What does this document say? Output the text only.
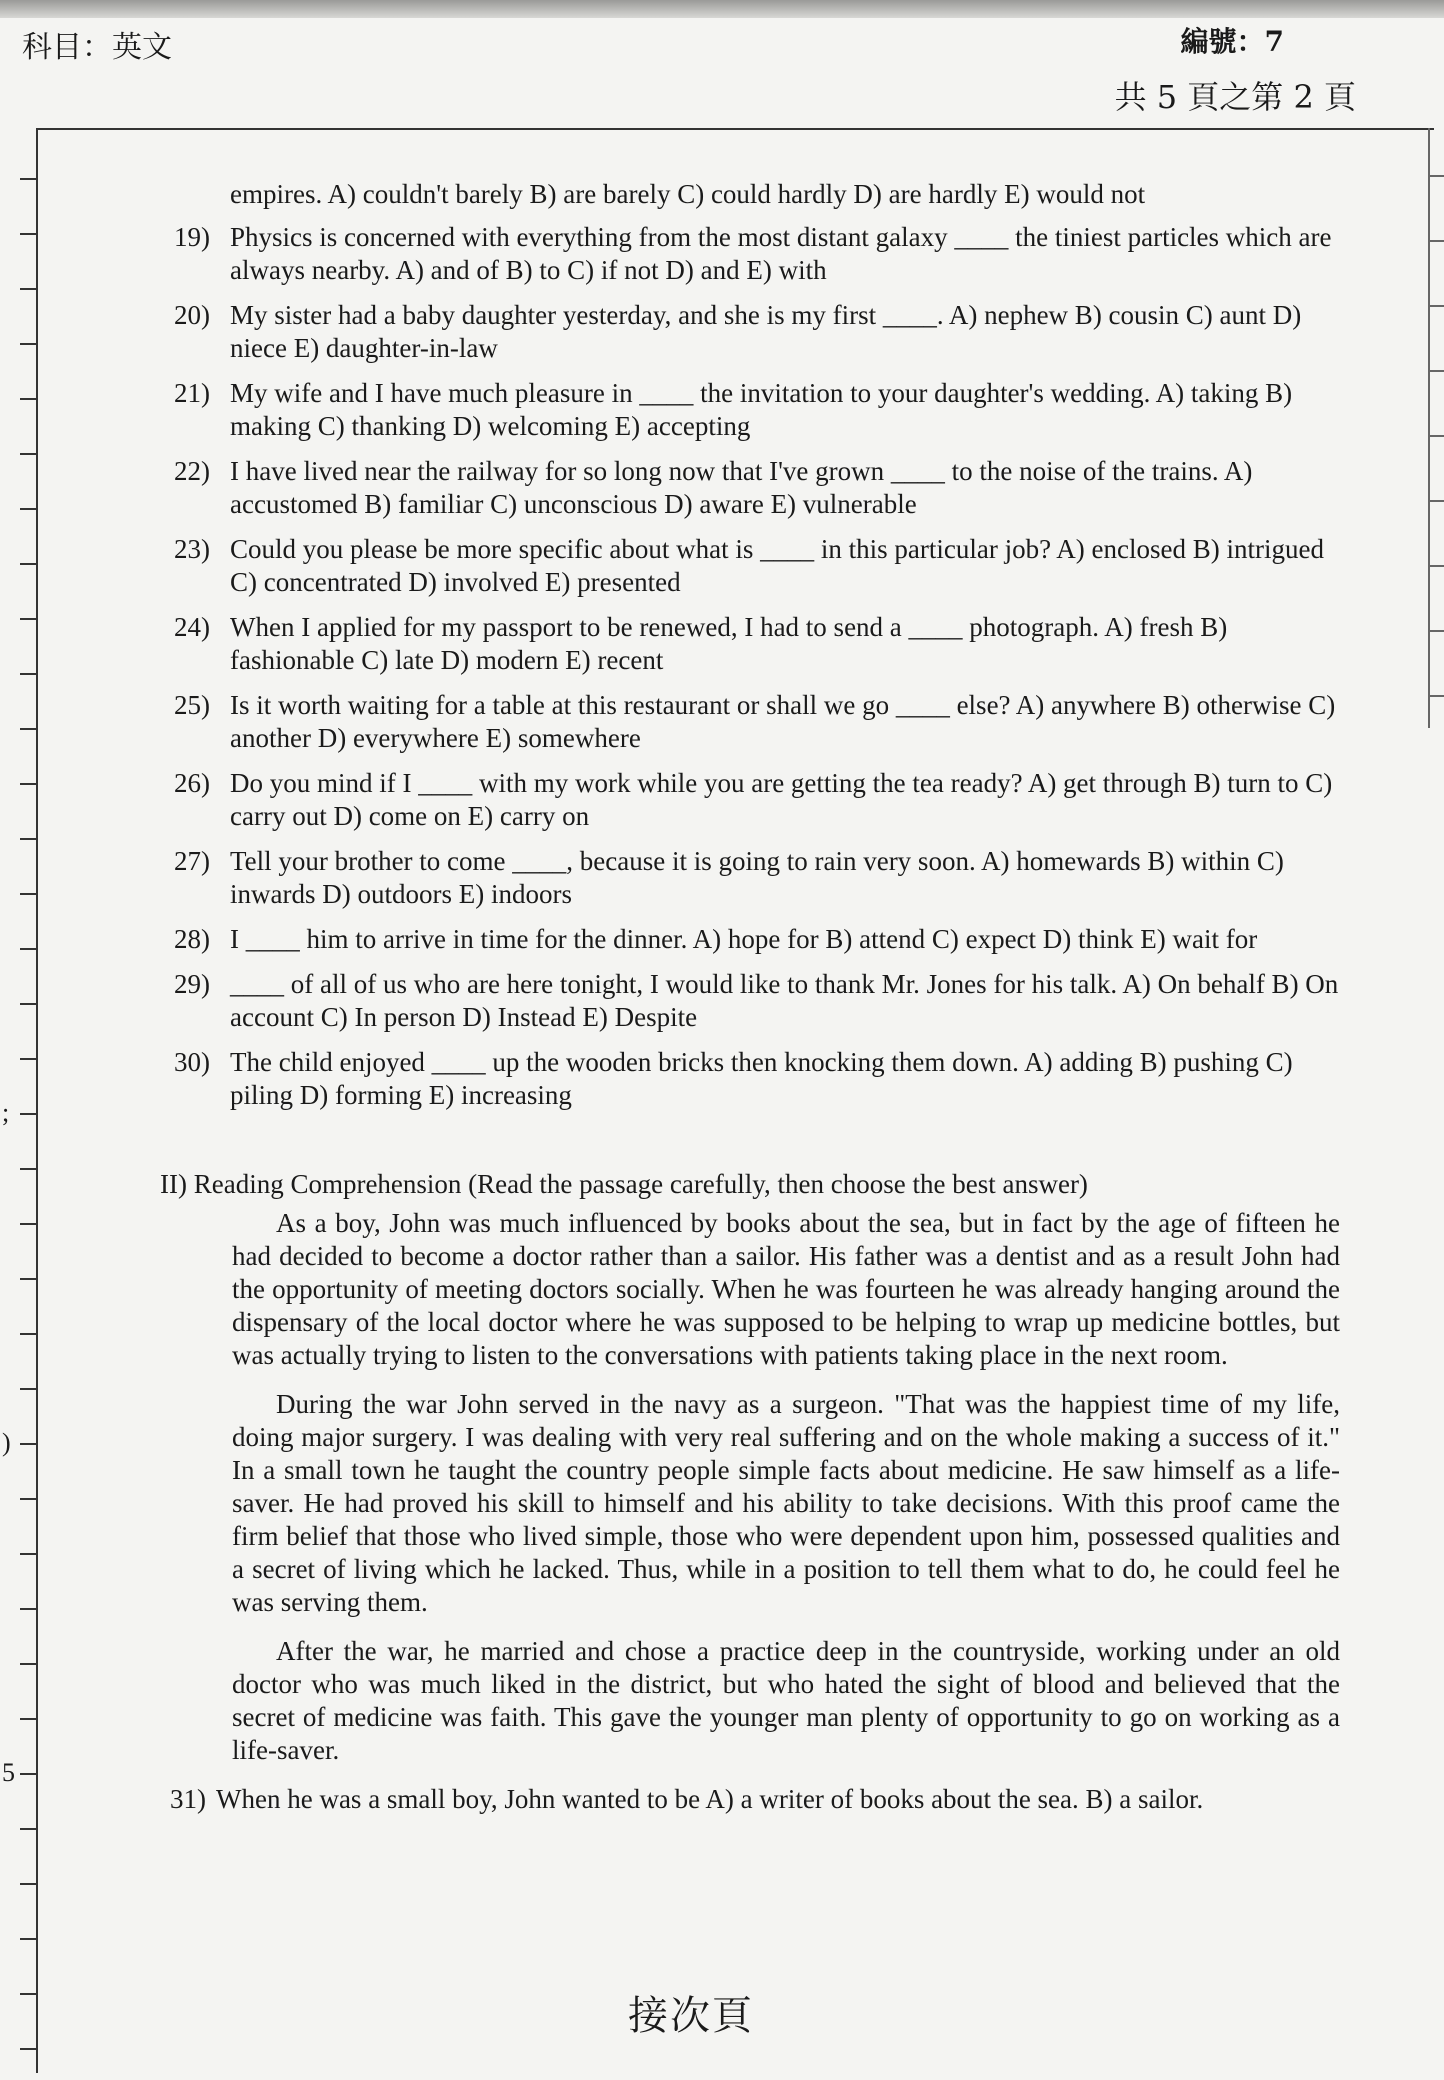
科目：英文	編號：7
共 5 頁之第 2 頁
;
)
5
empires. A) couldn't barely B) are barely C) could hardly D) are hardly E) would not
19) Physics is concerned with everything from the most distant galaxy ____ the tiniest particles which are always nearby. A) and of B) to C) if not D) and E) with
20) My sister had a baby daughter yesterday, and she is my first ____. A) nephew B) cousin C) aunt D) niece E) daughter-in-law
21) My wife and I have much pleasure in ____ the invitation to your daughter's wedding. A) taking B) making C) thanking D) welcoming E) accepting
22) I have lived near the railway for so long now that I've grown ____ to the noise of the trains. A) accustomed B) familiar C) unconscious D) aware E) vulnerable
23) Could you please be more specific about what is ____ in this particular job? A) enclosed B) intrigued C) concentrated D) involved E) presented
24) When I applied for my passport to be renewed, I had to send a ____ photograph. A) fresh B) fashionable C) late D) modern E) recent
25) Is it worth waiting for a table at this restaurant or shall we go ____ else? A) anywhere B) otherwise C) another D) everywhere E) somewhere
26) Do you mind if I ____ with my work while you are getting the tea ready? A) get through B) turn to C) carry out D) come on E) carry on
27) Tell your brother to come ____, because it is going to rain very soon. A) homewards B) within C) inwards D) outdoors E) indoors
28) I ____ him to arrive in time for the dinner. A) hope for B) attend C) expect D) think E) wait for
29) ____ of all of us who are here tonight, I would like to thank Mr. Jones for his talk. A) On behalf B) On account C) In person D) Instead E) Despite
30) The child enjoyed ____ up the wooden bricks then knocking them down. A) adding B) pushing C) piling D) forming E) increasing
II) Reading Comprehension (Read the passage carefully, then choose the best answer)

As a boy, John was much influenced by books about the sea, but in fact by the age of fifteen he had decided to become a doctor rather than a sailor. His father was a dentist and as a result John had the opportunity of meeting doctors socially. When he was fourteen he was already hanging around the dispensary of the local doctor where he was supposed to be helping to wrap up medicine bottles, but was actually trying to listen to the conversations with patients taking place in the next room.

During the war John served in the navy as a surgeon. "That was the happiest time of my life, doing major surgery. I was dealing with very real suffering and on the whole making a success of it." In a small town he taught the country people simple facts about medicine. He saw himself as a life-saver. He had proved his skill to himself and his ability to take decisions. With this proof came the firm belief that those who lived simple, those who were dependent upon him, possessed qualities and a secret of living which he lacked. Thus, while in a position to tell them what to do, he could feel he was serving them.

After the war, he married and chose a practice deep in the countryside, working under an old doctor who was much liked in the district, but who hated the sight of blood and believed that the secret of medicine was faith. This gave the younger man plenty of opportunity to go on working as a life-saver.

31) When he was a small boy, John wanted to be A) a writer of books about the sea. B) a sailor.
接次頁
